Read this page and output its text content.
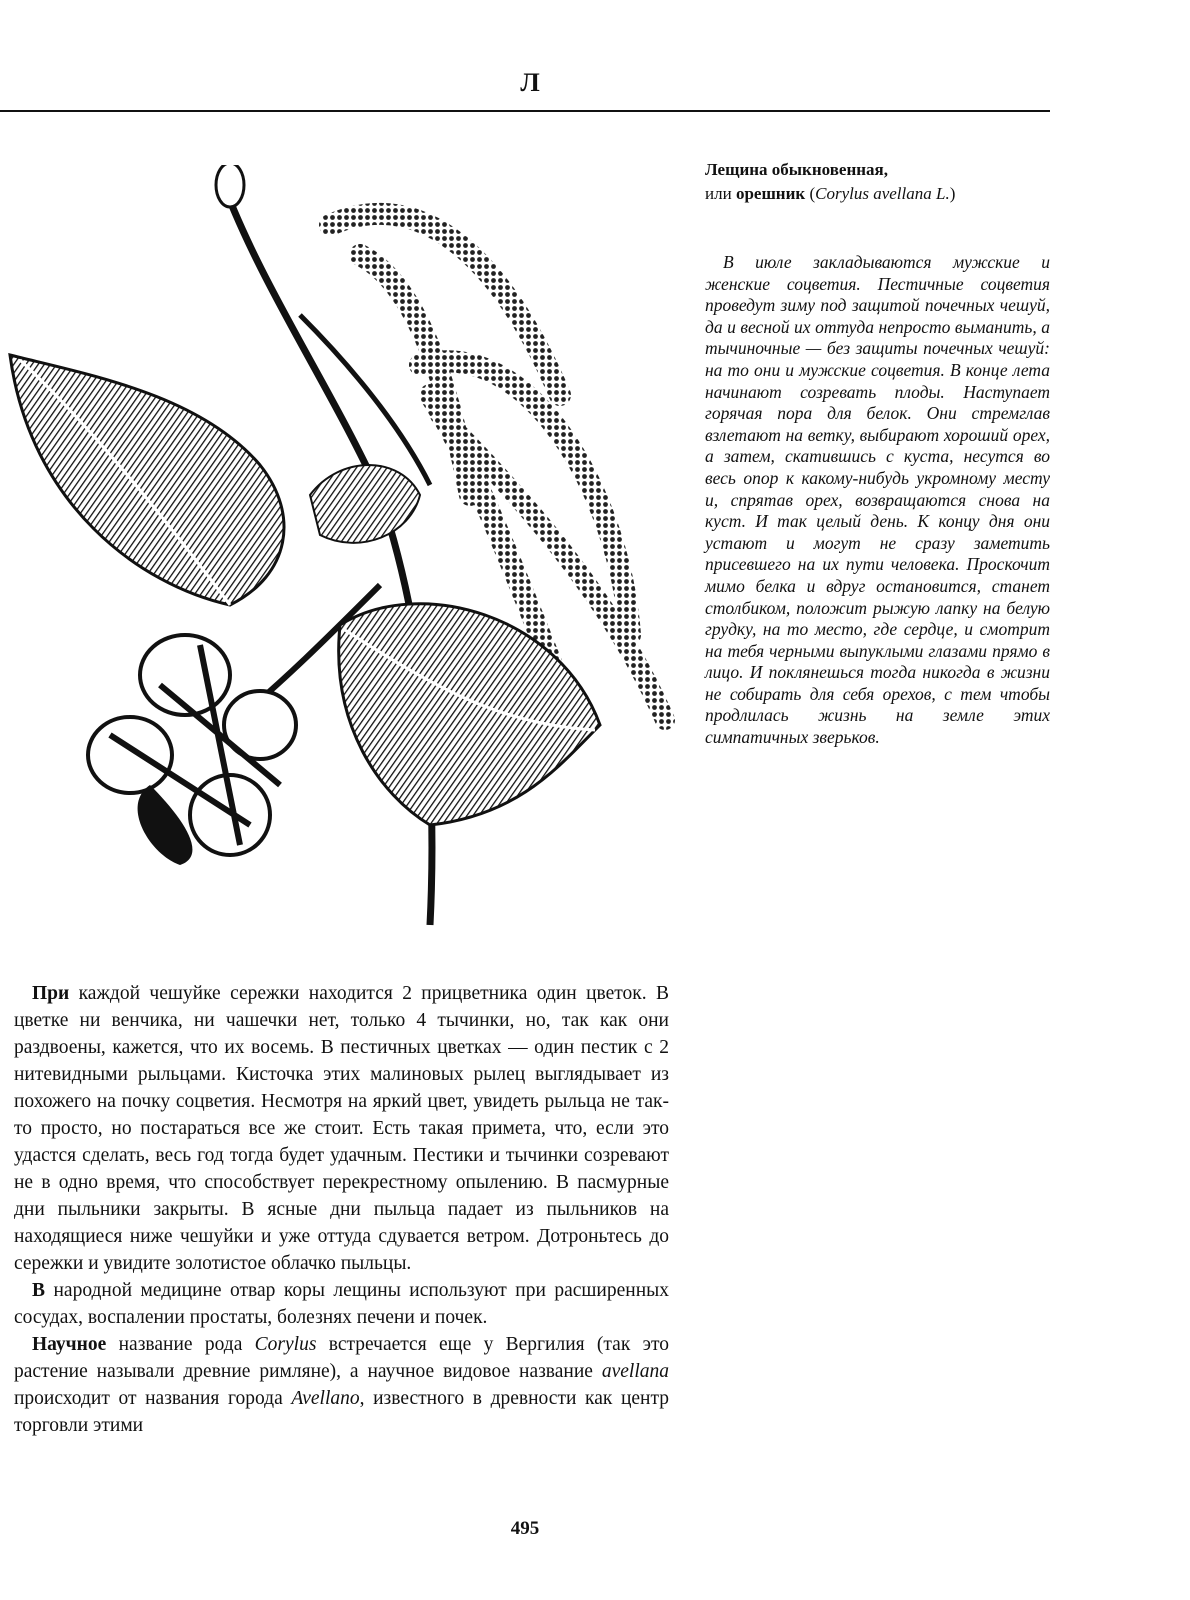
Л

Лещина обыкновенная,

или орешник (Corylus avellana L.)

В июле закладываются мужские и женские соцветия. Пестичные соцветия проведут зиму под защитой почечных чешуй, да и весной их оттуда непросто выманить, а тычиночные — без защиты почечных чешуй: на то они и мужские соцветия. В конце лета начинают созревать плоды. Наступает горячая пора для белок. Они стремглав взлетают на ветку, выбирают хороший орех, а затем, скатившись с куста, несутся во весь опор к какому-нибудь укромному месту и, спрятав орех, возвращаются снова на куст. И так целый день. К концу дня они устают и могут не сразу заметить присевшего на их пути человека. Проскочит мимо белка и вдруг остановится, станет столбиком, положит рыжую лапку на белую грудку, на то место, где сердце, и смотрит на тебя черными выпуклыми глазами прямо в лицо. И поклянешься тогда никогда в жизни не собирать для себя орехов, с тем чтобы продлилась жизнь на земле этих симпатичных зверьков.

При каждой чешуйке сережки находится 2 прицветника один цветок. В цветке ни венчика, ни чашечки нет, только 4 тычинки, но, так как они раздвоены, кажется, что их восемь. В пестичных цветках — один пестик с 2 нитевидными рыльцами. Кисточка этих малиновых рылец выглядывает из похожего на почку соцветия. Несмотря на яркий цвет, увидеть рыльца не так-то просто, но постараться все же стоит. Есть такая примета, что, если это удастся сделать, весь год тогда будет удачным. Пестики и тычинки созревают не в одно время, что способствует перекрестному опылению. В пасмурные дни пыльники закрыты. В ясные дни пыльца падает из пыльников на находящиеся ниже чешуйки и уже оттуда сдувается ветром. Дотроньтесь до сережки и увидите золотистое облачко пыльцы.

В народной медицине отвар коры лещины используют при расширенных сосудах, воспалении простаты, болезнях печени и почек.

Научное название рода Corylus встречается еще у Вергилия (так это растение называли древние римляне), а научное видовое название avellana происходит от названия города Avellano, известного в древности как центр торговли этими

495
